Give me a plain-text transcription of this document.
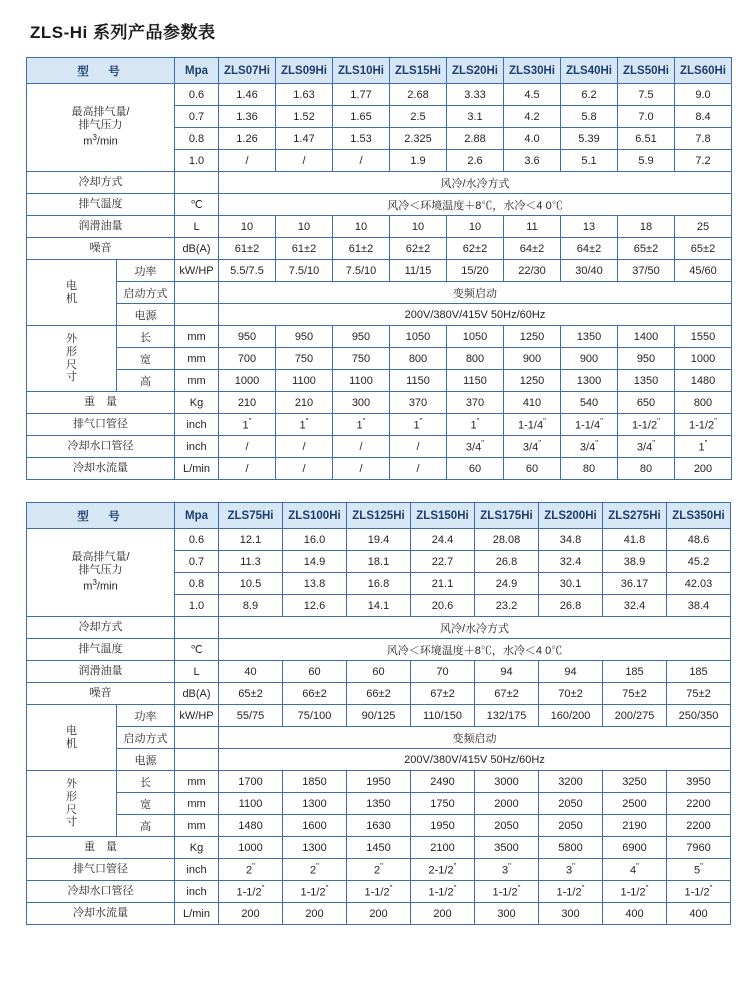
ZLS-Hi 系列产品参数表
型　号		Mpa	ZLS07Hi	ZLS09Hi	ZLS10Hi	ZLS15Hi	ZLS20Hi	ZLS30Hi	ZLS40Hi	ZLS50Hi	ZLS60Hi
最高排气量/
排气压力
$m^3/\min$		0.6	1.46	1.63	1.77	2.68	3.33	4.5	6.2	7.5	9.0
		0.7	1.36	1.52	1.65	2.5	3.1	4.2	5.8	7.0	8.4
		0.8	1.26	1.47	1.53	2.325	2.88	4.0	5.39	6.51	7.8
		1.0	/	/	/	1.9	2.6	3.6	5.1	5.9	7.2
冷却方式			风冷/水冷方式								
排气温度		℃	风冷＜环境温度＋8℃，水冷＜4 0℃								
润滑油量		L	10	10	10	10	10	11	13	18	25
噪音		dB(A)	61±2	61±2	61±2	62±2	62±2	64±2	64±2	65±2	65±2
电
机	功率	kW/HP	5.5/7.5	7.5/10	7.5/10	11/15	15/20	22/30	30/40	37/50	45/60
	启动方式		变频启动								
	电源		200V/380V/415V 50Hz/60Hz								
外
形
尺
寸	长	mm	950	950	950	1050	1050	1250	1350	1400	1550
	宽	mm	700	750	750	800	800	900	900	950	1000
	高	mm	1000	1100	1100	1150	1150	1250	1300	1350	1480
重　量		Kg	210	210	300	370	370	410	540	650	800
排气口管径		inch	1"	1"	1"	1"	1"	1-1/4"	1-1/4"	1-1/2"	1-1/2"
冷却水口管径		inch	/	/	/	/	3/4"	3/4"	3/4"	3/4"	1"
冷却水流量		L/min	/	/	/	/	60	60	80	80	200
型　号		Mpa	ZLS75Hi	ZLS100Hi	ZLS125Hi	ZLS150Hi	ZLS175Hi	ZLS200Hi	ZLS275Hi	ZLS350Hi
最高排气量/
排气压力
$m^3/\min$		0.6	12.1	16.0	19.4	24.4	28.08	34.8	41.8	48.6
		0.7	11.3	14.9	18.1	22.7	26.8	32.4	38.9	45.2
		0.8	10.5	13.8	16.8	21.1	24.9	30.1	36.17	42.03
		1.0	8.9	12.6	14.1	20.6	23.2	26.8	32.4	38.4
冷却方式			风冷/水冷方式							
排气温度		℃	风冷＜环境温度＋8℃，水冷＜4 0℃							
润滑油量		L	40	60	60	70	94	94	185	185
噪音		dB(A)	65±2	66±2	66±2	67±2	67±2	70±2	75±2	75±2
电
机	功率	kW/HP	55/75	75/100	90/125	110/150	132/175	160/200	200/275	250/350
	启动方式		变频启动							
	电源		200V/380V/415V 50Hz/60Hz							
外
形
尺
寸	长	mm	1700	1850	1950	2490	3000	3200	3250	3950
	宽	mm	1100	1300	1350	1750	2000	2050	2500	2200
	高	mm	1480	1600	1630	1950	2050	2050	2190	2200
重　量		Kg	1000	1300	1450	2100	3500	5800	6900	7960
排气口管径		inch	2"	2"	2"	2-1/2"	3"	3"	4"	5"
冷却水口管径		inch	1-1/2"	1-1/2"	1-1/2"	1-1/2"	1-1/2"	1-1/2"	1-1/2"	1-1/2"
冷却水流量		L/min	200	200	200	200	300	300	400	400
